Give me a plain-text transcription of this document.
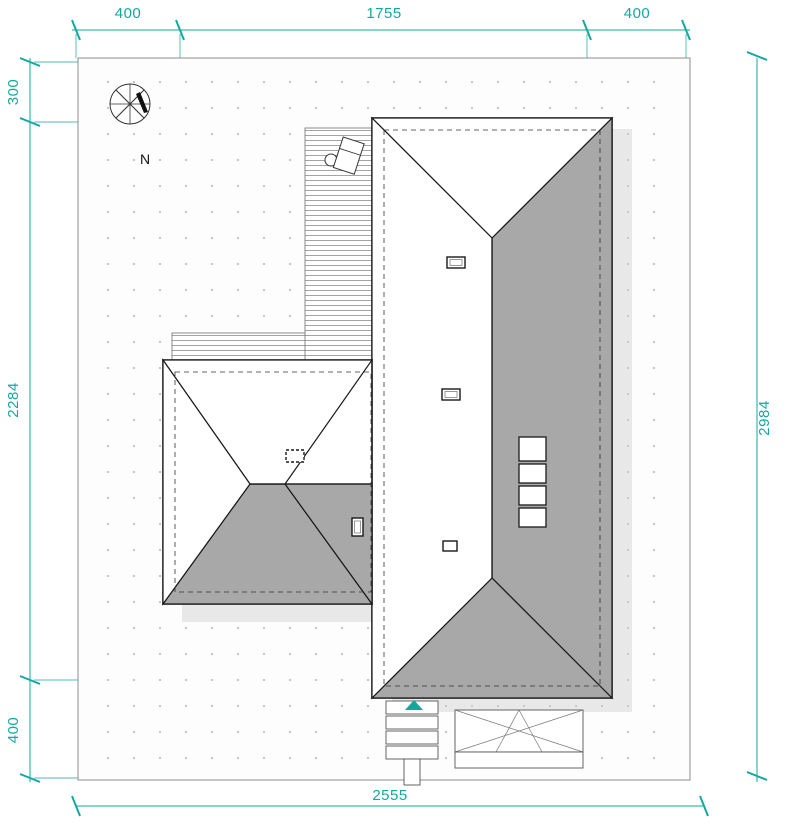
N
400	1755	400
300
2284
400
2984
2555
